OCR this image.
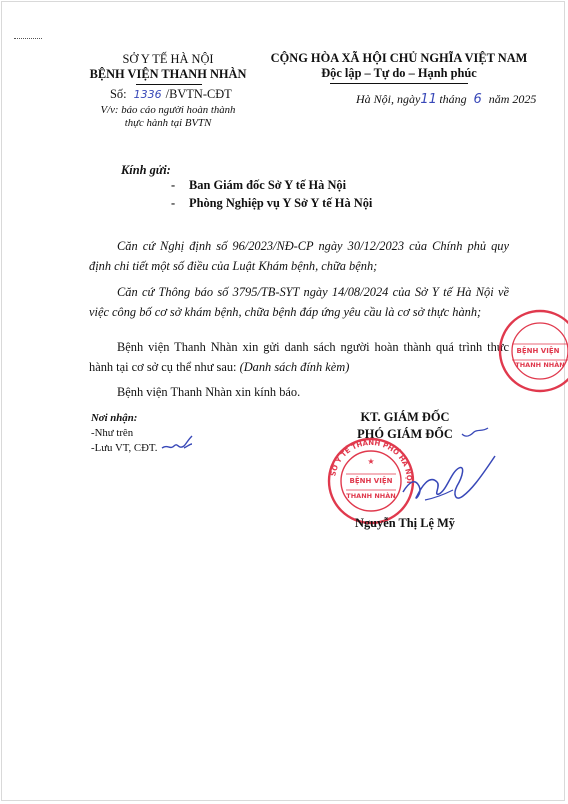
SỞ Y TẾ HÀ NỘI
BỆNH VIỆN THANH NHÀN
Số: 1336 /BVTN-CĐT
V/v: báo cáo người hoàn thành
thực hành tại BVTN
CỘNG HÒA XÃ HỘI CHỦ NGHĨA VIỆT NAM
Độc lập – Tự do – Hạnh phúc
Hà Nội, ngày11 tháng 6 năm 2025
Kính gửi:
- Ban Giám đốc Sở Y tế Hà Nội
- Phòng Nghiệp vụ Y Sở Y tế Hà Nội
Căn cứ Nghị định số 96/2023/NĐ-CP ngày 30/12/2023 của Chính phủ quy định chi tiết một số điều của Luật Khám bệnh, chữa bệnh;
Căn cứ Thông báo số 3795/TB-SYT ngày 14/08/2024 của Sở Y tế Hà Nội về việc công bố cơ sở khám bệnh, chữa bệnh đáp ứng yêu cầu là cơ sở thực hành;
Bệnh viện Thanh Nhàn xin gửi danh sách người hoàn thành quá trình thực hành tại cơ sở cụ thể như sau: (Danh sách đính kèm)
Bệnh viện Thanh Nhàn xin kính báo.
Nơi nhận:
-Như trên
-Lưu VT, CĐT.
KT. GIÁM ĐỐC
PHÓ GIÁM ĐỐC
SỞ Y TẾ THÀNH PHỐ HÀ NỘI
BỆNH VIỆN
THANH NHÀN
★
Nguyễn Thị Lệ Mỹ
BỆNH VIỆN
THANH NHÀN
